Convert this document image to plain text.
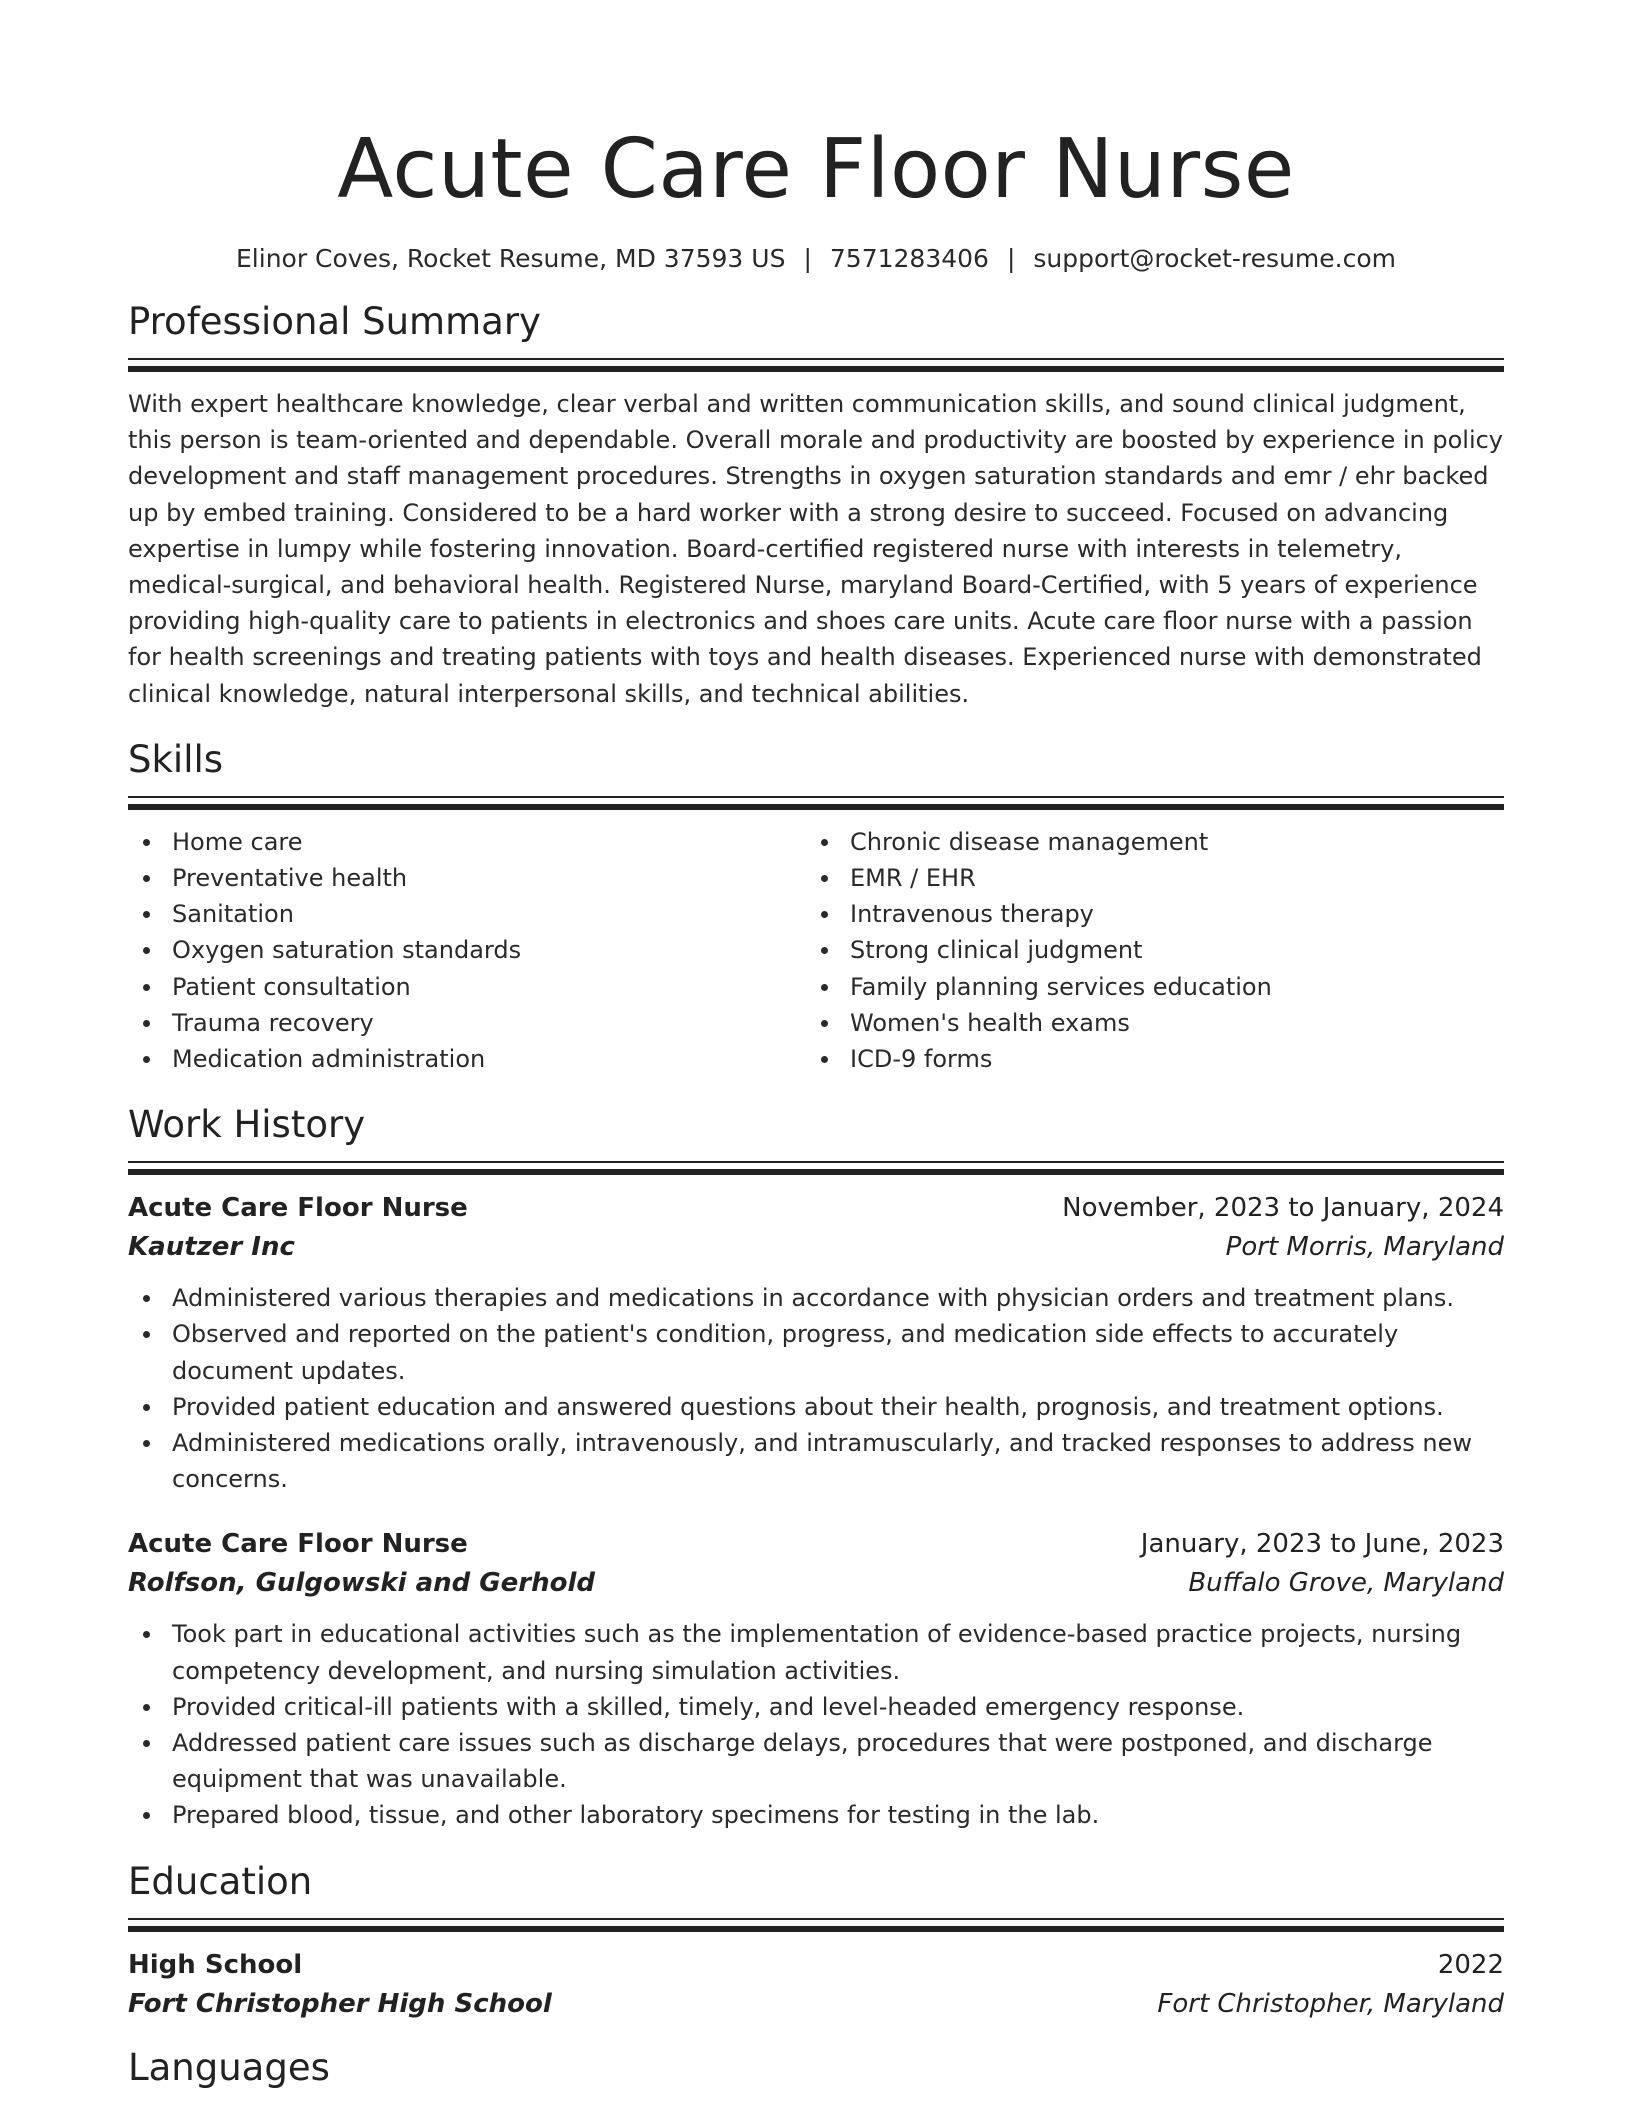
Acute Care Floor Nurse
Elinor Coves, Rocket Resume, MD 37593 US | 7571283406 | support@rocket-resume.com
Professional Summary

With expert healthcare knowledge, clear verbal and written communication skills, and sound clinical judgment, this person is team-oriented and dependable. Overall morale and productivity are boosted by experience in policy development and staff management procedures. Strengths in oxygen saturation standards and emr / ehr backed up by embed training. Considered to be a hard worker with a strong desire to succeed. Focused on advancing expertise in lumpy while fostering innovation. Board-certified registered nurse with interests in telemetry, medical-surgical, and behavioral health. Registered Nurse, maryland Board-Certified, with 5 years of experience providing high-quality care to patients in electronics and shoes care units. Acute care floor nurse with a passion for health screenings and treating patients with toys and health diseases. Experienced nurse with demonstrated clinical knowledge, natural interpersonal skills, and technical abilities.

Skills
Home care
Preventative health
Sanitation
Oxygen saturation standards
Patient consultation
Trauma recovery
Medication administration
Chronic disease management
EMR / EHR
Intravenous therapy
Strong clinical judgment
Family planning services education
Women's health exams
ICD-9 forms
Work History
Acute Care Floor Nurse	November, 2023 to January, 2024
Kautzer Inc	Port Morris, Maryland
Administered various therapies and medications in accordance with physician orders and treatment plans.
Observed and reported on the patient's condition, progress, and medication side effects to accurately document updates.
Provided patient education and answered questions about their health, prognosis, and treatment options.
Administered medications orally, intravenously, and intramuscularly, and tracked responses to address new concerns.
Acute Care Floor Nurse	January, 2023 to June, 2023
Rolfson, Gulgowski and Gerhold	Buffalo Grove, Maryland
Took part in educational activities such as the implementation of evidence-based practice projects, nursing competency development, and nursing simulation activities.
Provided critical-ill patients with a skilled, timely, and level-headed emergency response.
Addressed patient care issues such as discharge delays, procedures that were postponed, and discharge equipment that was unavailable.
Prepared blood, tissue, and other laboratory specimens for testing in the lab.
Education
High School	2022
Fort Christopher High School	Fort Christopher, Maryland
Languages
